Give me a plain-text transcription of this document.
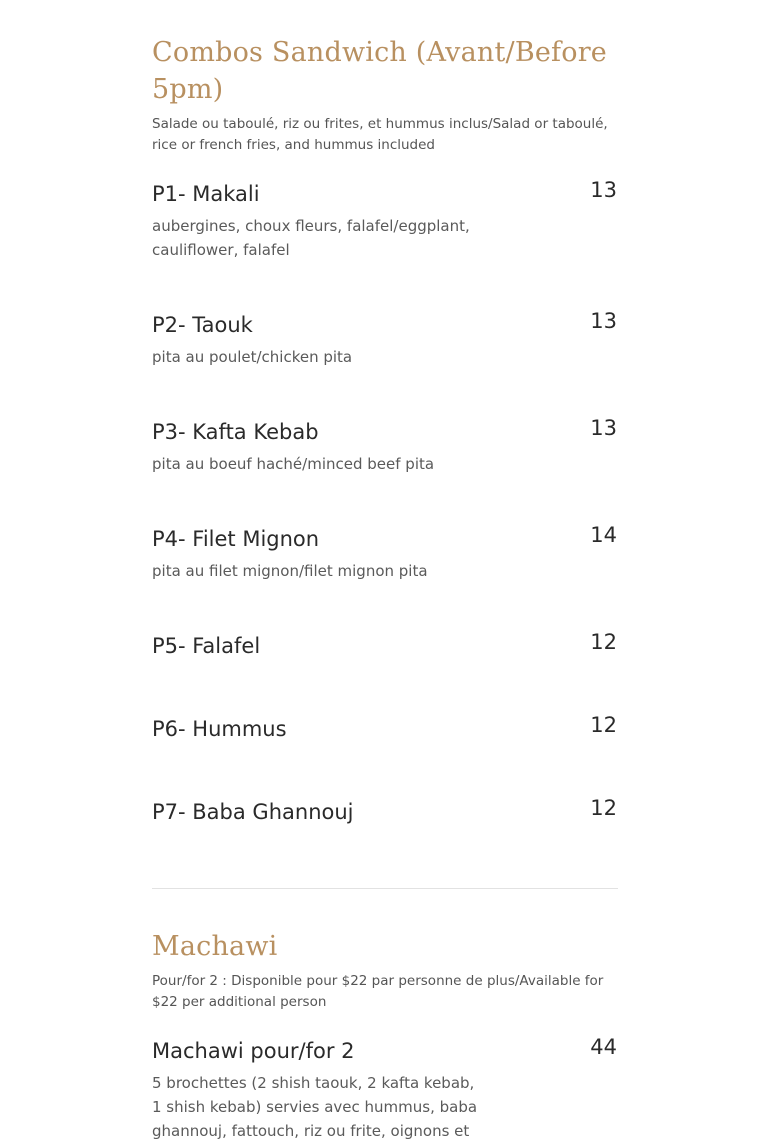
Combos Sandwich (Avant/Before 5pm)
Salade ou taboulé, riz ou frites, et hummus inclus/Salad or taboulé, rice or french fries, and hummus included
P1- Makali	13
aubergines, choux fleurs, falafel/eggplant, cauliflower, falafel
P2- Taouk	13
pita au poulet/chicken pita
P3- Kafta Kebab	13
pita au boeuf haché/minced beef pita
P4- Filet Mignon	14
pita au filet mignon/filet mignon pita
P5- Falafel	12
P6- Hummus	12
P7- Baba Ghannouj	12
Machawi
Pour/for 2 : Disponible pour $22 par personne de plus/Available for $22 per additional person
Machawi pour/for 2	44
5 brochettes (2 shish taouk, 2 kafta kebab, 1 shish kebab) servies avec hummus, baba ghannouj, fattouch, riz ou frite, oignons et
